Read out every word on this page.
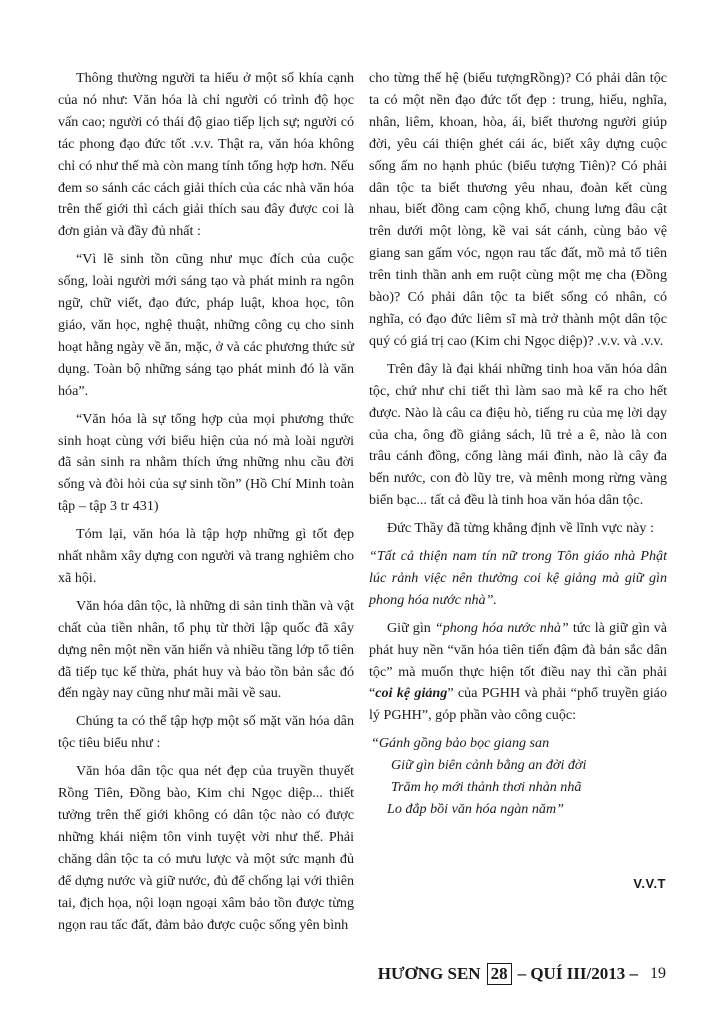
Thông thường người ta hiểu ở một số khía cạnh của nó như: Văn hóa là chỉ người có trình độ học vấn cao; người có thái độ giao tiếp lịch sự; người có tác phong đạo đức tốt .v.v. Thật ra, văn hóa không chỉ có như thế mà còn mang tính tổng hợp hơn. Nếu đem so sánh các cách giải thích của các nhà văn hóa trên thế giới thì cách giải thích sau đây được coi là đơn giản và đầy đủ nhất :

“Vì lẽ sinh tồn cũng như mục đích của cuộc sống, loài người mới sáng tạo và phát minh ra ngôn ngữ, chữ viết, đạo đức, pháp luật, khoa học, tôn giáo, văn học, nghệ thuật, những công cụ cho sinh hoạt hằng ngày về ăn, mặc, ở và các phương thức sử dụng. Toàn bộ những sáng tạo phát minh đó là văn hóa”.

“Văn hóa là sự tổng hợp của mọi phương thức sinh hoạt cùng với biểu hiện của nó mà loài người đã sản sinh ra nhằm thích ứng những nhu cầu đời sống và đòi hỏi của sự sinh tồn” (Hồ Chí Minh toàn tập – tập 3 tr 431)

Tóm lại, văn hóa là tập hợp những gì tốt đẹp nhất nhằm xây dựng con người và trang nghiêm cho xã hội.

Văn hóa dân tộc, là những di sản tinh thần và vật chất của tiền nhân, tổ phụ từ thời lập quốc đã xây dựng nên một nền văn hiến và nhiều tầng lớp tổ tiên đã tiếp tục kế thừa, phát huy và bảo tồn bản sắc đó đến ngày nay cũng như mãi mãi về sau.

Chúng ta có thể tập hợp một số mặt văn hóa dân tộc tiêu biểu như :

Văn hóa dân tộc qua nét đẹp của truyền thuyết Rồng Tiên, Đồng bào, Kim chi Ngọc diệp... thiết tưởng trên thế giới không có dân tộc nào có được những khái niệm tôn vinh tuyệt vời như thế. Phải chăng dân tộc ta có mưu lược và một sức mạnh đủ để dựng nước và giữ nước, đủ để chống lại với thiên tai, địch họa, nội loạn ngoại xâm bảo tồn được từng ngọn rau tấc đất, đảm bảo được cuộc sống yên bình

cho từng thế hệ (biểu tượngRồng)? Có phải dân tộc ta có một nền đạo đức tốt đẹp : trung, hiếu, nghĩa, nhân, liêm, khoan, hòa, ái, biết thương người giúp đời, yêu cái thiện ghét cái ác, biết xây dựng cuộc sống ấm no hạnh phúc (biểu tượng Tiên)? Có phải dân tộc ta biết thương yêu nhau, đoàn kết cùng nhau, biết đồng cam cộng khổ, chung lưng đâu cật trên dưới một lòng, kề vai sát cánh, cùng bảo vệ giang san gấm vóc, ngọn rau tấc đất, mồ mả tổ tiên trên tinh thần anh em ruột cùng một mẹ cha (Đồng bào)? Có phải dân tộc ta biết sống có nhân, có nghĩa, có đạo đức liêm sĩ mà trở thành một dân tộc quý có giá trị cao (Kim chi Ngọc diệp)? .v.v. và .v.v.

Trên đây là đại khái những tinh hoa văn hóa dân tộc, chứ như chi tiết thì làm sao mà kể ra cho hết được. Nào là câu ca điệu hò, tiếng ru của mẹ lời dạy của cha, ông đồ giảng sách, lũ trẻ a ê, nào là con trâu cánh đồng, cổng làng mái đình, nào là cây đa bến nước, con đò lũy tre, và mênh mong rừng vàng biển bạc... tất cả đều là tinh hoa văn hóa dân tộc.

Đức Thầy đã từng khẳng định về lĩnh vực này :

“Tất cả thiện nam tín nữ trong Tôn giáo nhà Phật lúc rảnh việc nên thường coi kệ giảng mà giữ gìn phong hóa nước nhà”.

Giữ gìn “phong hóa nước nhà” tức là giữ gìn và phát huy nền “văn hóa tiên tiến đậm đà bản sắc dân tộc” mà muốn thực hiện tốt điều nay thì cần phải “coi kệ giảng” của PGHH và phải “phổ truyền giáo lý PGHH”, góp phần vào công cuộc:

“Gánh gồng bảo bọc giang san
Giữ gìn biên cảnh bằng an đời đời
Trăm họ mới thảnh thơi nhàn nhã
Lo đắp bồi văn hóa ngàn năm”
V.V.T
HƯƠNG SEN 28 – QUÍ III/2013 – 19
